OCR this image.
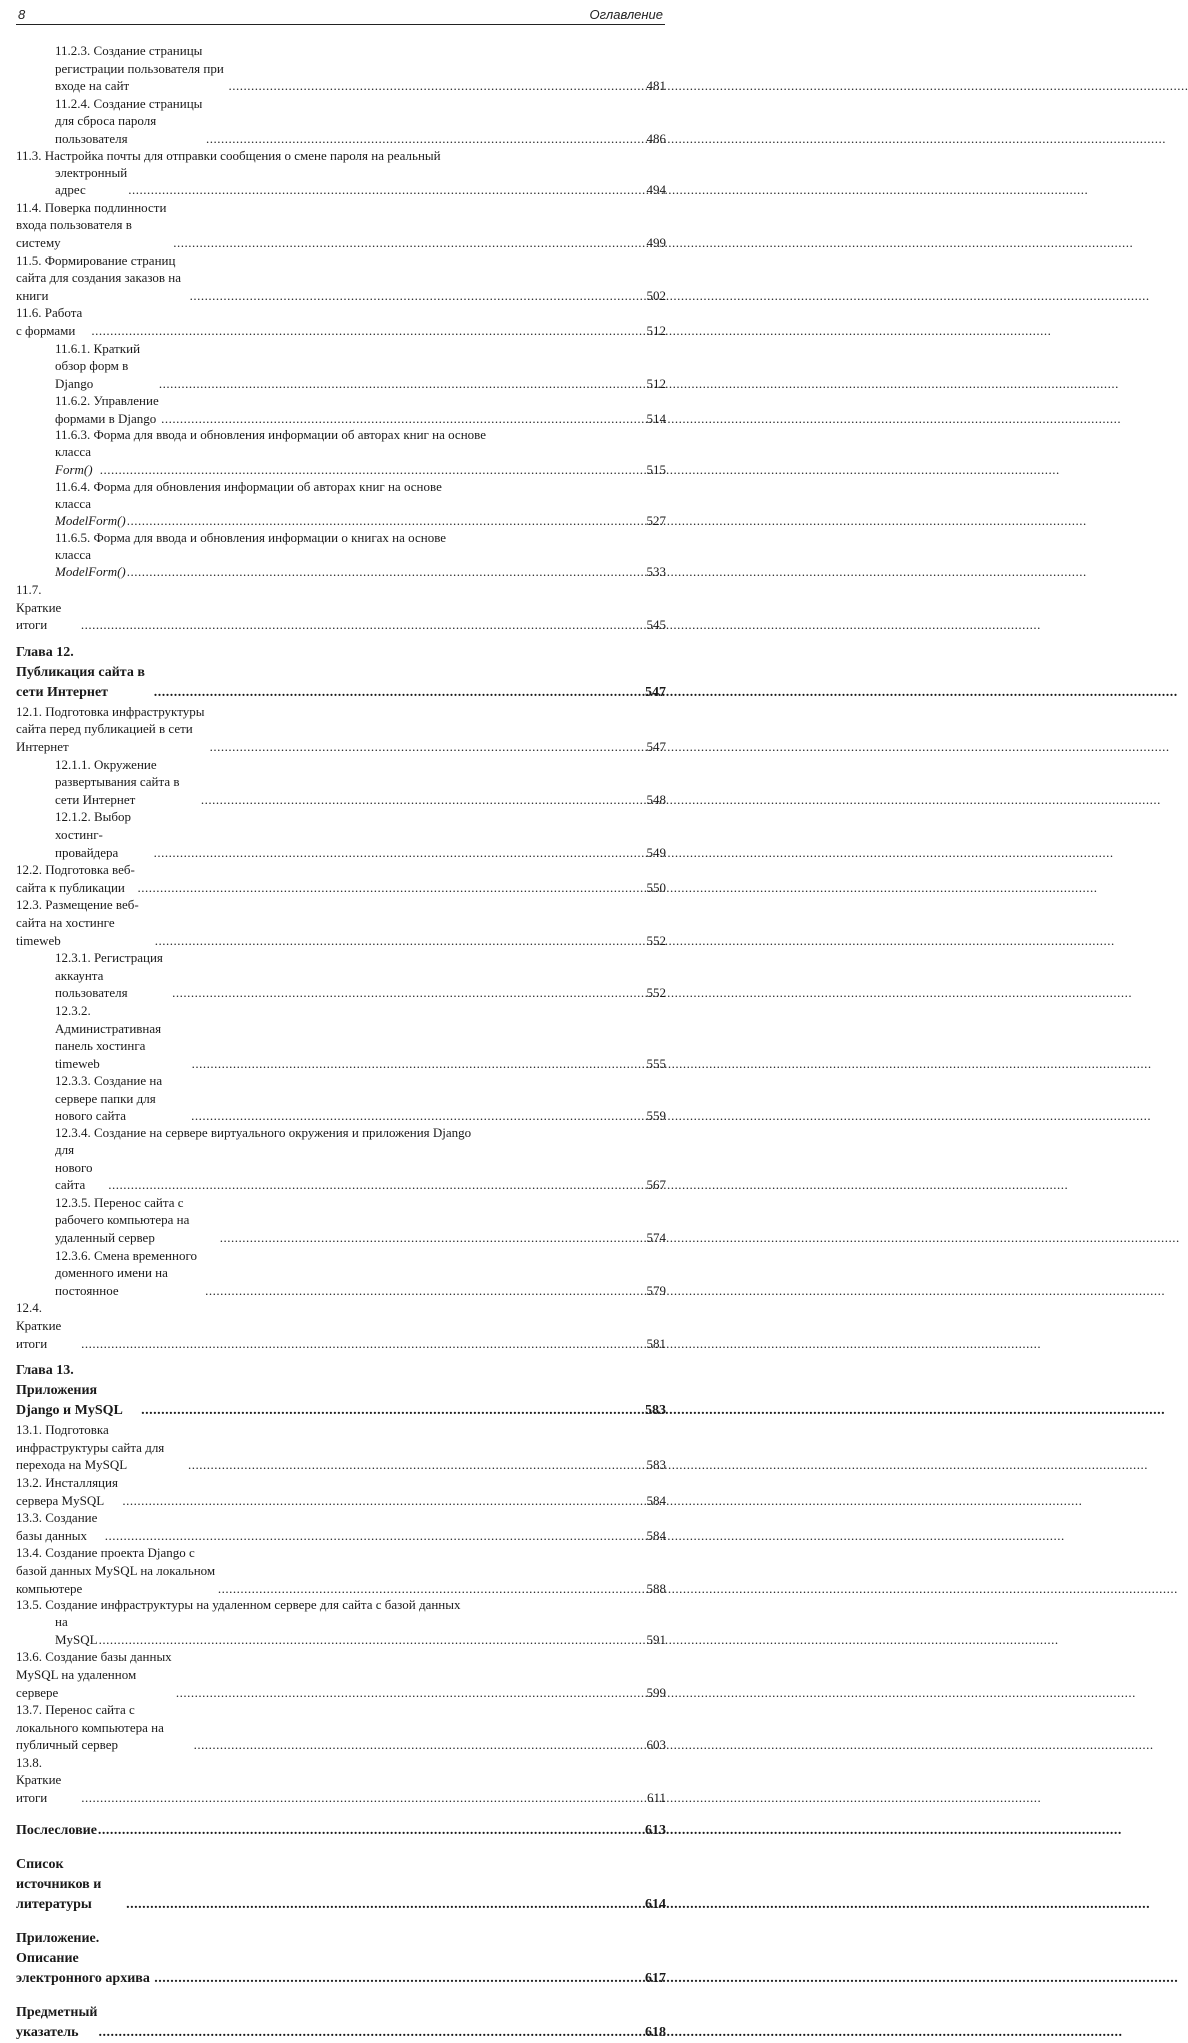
8	Оглавление
11.2.3. Создание страницы регистрации пользователя при входе на сайт .....	481
11.2.4. Создание страницы для сброса пароля пользователя .....	486
11.3. Настройка почты для отправки сообщения о смене пароля на реальный
электронный адрес .....	494
11.4. Поверка подлинности входа пользователя в систему .....	499
11.5. Формирование страниц сайта для создания заказов на книги .....	502
11.6. Работа с формами .....	512
11.6.1. Краткий обзор форм в Django .....	512
11.6.2. Управление формами в Django .....	514
11.6.3. Форма для ввода и обновления информации об авторах книг на основе
класса Form() .....	515
11.6.4. Форма для обновления информации об авторах книг на основе
класса ModelForm() .....	527
11.6.5. Форма для ввода и обновления информации о книгах на основе
класса ModelForm() .....	533
11.7. Краткие итоги .....	545
Глава 12. Публикация сайта в сети Интернет .....	547
12.1. Подготовка инфраструктуры сайта перед публикацией в сети Интернет .....	547
12.1.1. Окружение развертывания сайта в сети Интернет .....	548
12.1.2. Выбор хостинг-провайдера .....	549
12.2. Подготовка веб-сайта к публикации .....	550
12.3. Размещение веб-сайта на хостинге timeweb .....	552
12.3.1. Регистрация аккаунта пользователя .....	552
12.3.2. Административная панель хостинга timeweb .....	555
12.3.3. Создание на сервере папки для нового сайта .....	559
12.3.4. Создание на сервере виртуального окружения и приложения Django
для нового сайта .....	567
12.3.5. Перенос сайта с рабочего компьютера на удаленный сервер .....	574
12.3.6. Смена временного доменного имени на постоянное .....	579
12.4. Краткие итоги .....	581
Глава 13. Приложения Django и MySQL .....	583
13.1. Подготовка инфраструктуры сайта для перехода на MySQL .....	583
13.2. Инсталляция сервера MySQL .....	584
13.3. Создание базы данных .....	584
13.4. Создание проекта Django с базой данных MySQL на локальном компьютере .....	588
13.5. Создание инфраструктуры на удаленном сервере для сайта с базой данных
на MySQL .....	591
13.6. Создание базы данных MySQL на удаленном сервере .....	599
13.7. Перенос сайта с локального компьютера на публичный сервер .....	603
13.8. Краткие итоги .....	611
Послесловие .....	613
Список источников и литературы .....	614
Приложение. Описание электронного архива .....	617
Предметный указатель .....	618
